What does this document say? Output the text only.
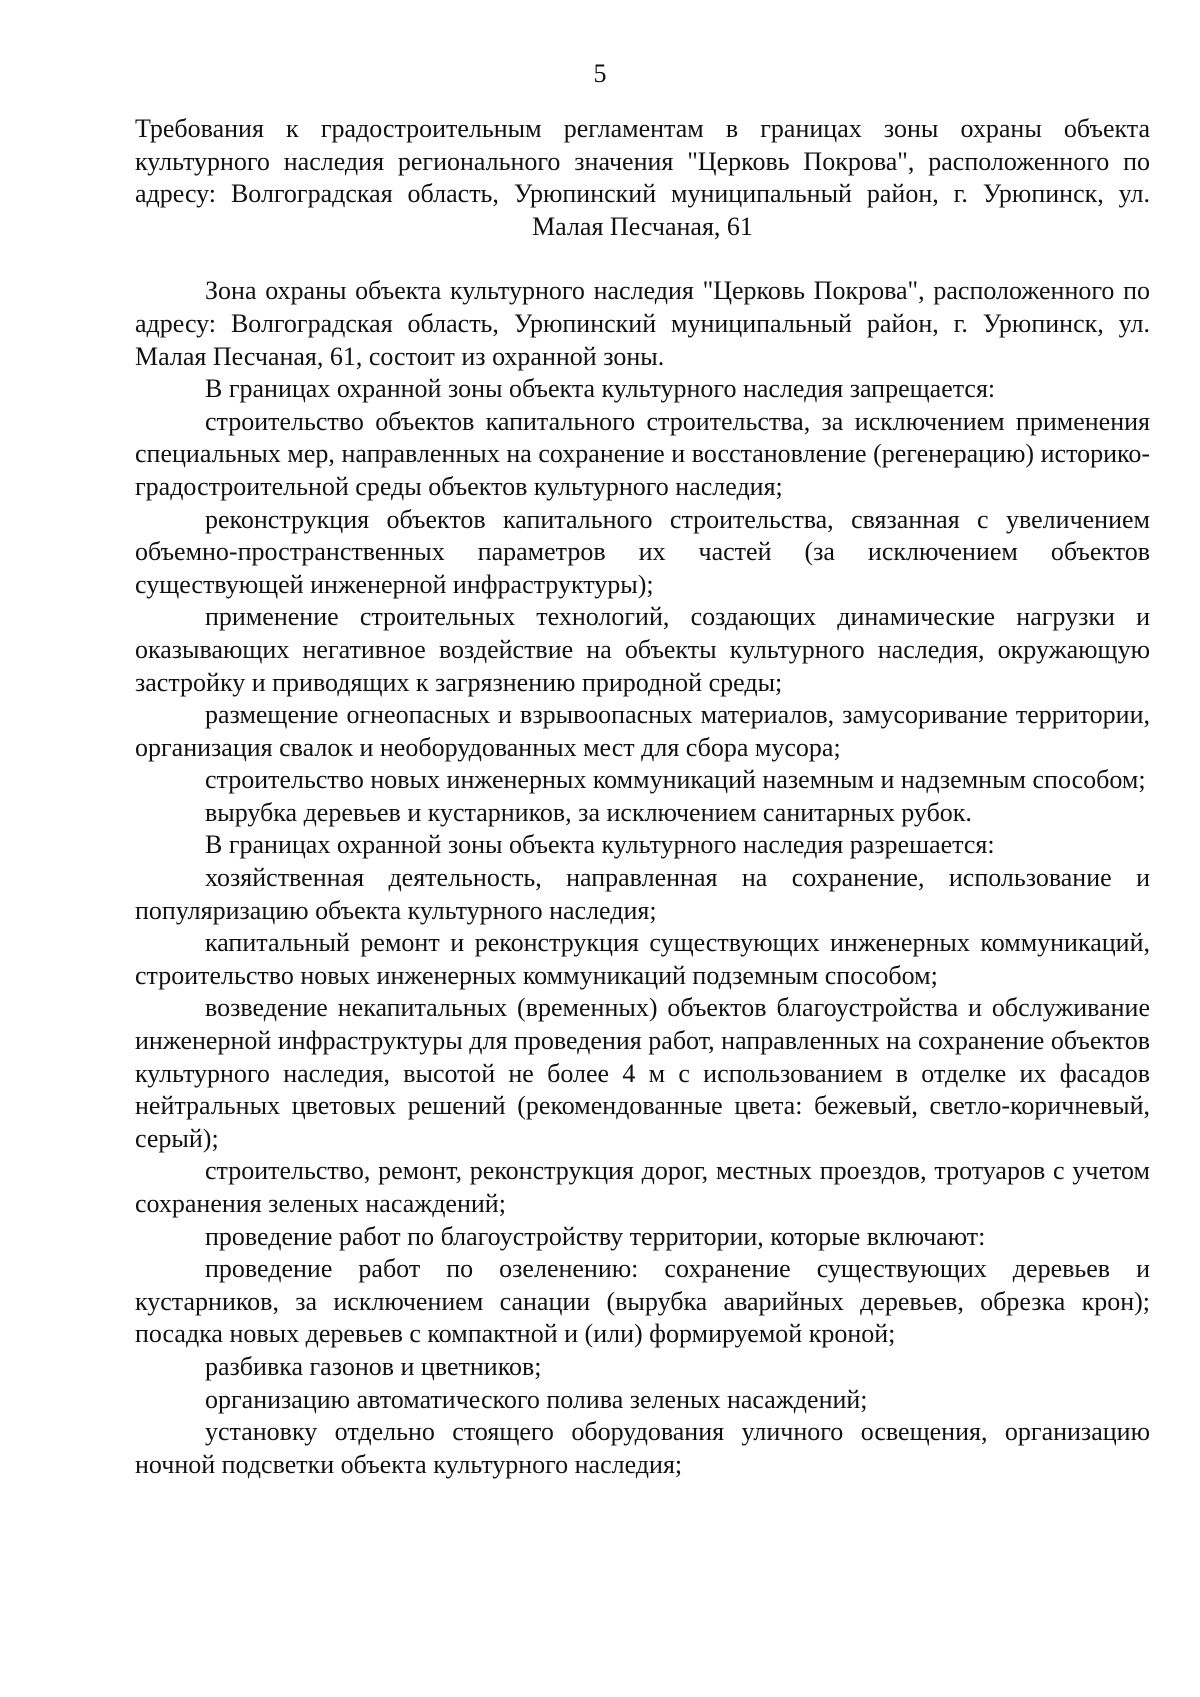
5

Требования к градостроительным регламентам в границах зоны охраны объекта культурного наследия регионального значения "Церковь Покрова", расположенного по адресу: Волгоградская область, Урюпинский муниципальный район, г. Урюпинск, ул. Малая Песчаная, 61

Зона охраны объекта культурного наследия "Церковь Покрова", расположенного по адресу: Волгоградская область, Урюпинский муниципальный район, г. Урюпинск, ул. Малая Песчаная, 61, состоит из охранной зоны.

В границах охранной зоны объекта культурного наследия запрещается:

строительство объектов капитального строительства, за исключением применения специальных мер, направленных на сохранение и восстановление (регенерацию) историко-градостроительной среды объектов культурного наследия;

реконструкция объектов капитального строительства, связанная с увеличением объемно-пространственных параметров их частей (за исключением объектов существующей инженерной инфраструктуры);

применение строительных технологий, создающих динамические нагрузки и оказывающих негативное воздействие на объекты культурного наследия, окружающую застройку и приводящих к загрязнению природной среды;

размещение огнеопасных и взрывоопасных материалов, замусоривание территории, организация свалок и необорудованных мест для сбора мусора;

строительство новых инженерных коммуникаций наземным и надземным способом;

вырубка деревьев и кустарников, за исключением санитарных рубок.

В границах охранной зоны объекта культурного наследия разрешается:

хозяйственная деятельность, направленная на сохранение, использование и популяризацию объекта культурного наследия;

капитальный ремонт и реконструкция существующих инженерных коммуникаций, строительство новых инженерных коммуникаций подземным способом;

возведение некапитальных (временных) объектов благоустройства и обслуживание инженерной инфраструктуры для проведения работ, направленных на сохранение объектов культурного наследия, высотой не более 4 м с использованием в отделке их фасадов нейтральных цветовых решений (рекомендованные цвета: бежевый, светло-коричневый, серый);

строительство, ремонт, реконструкция дорог, местных проездов, тротуаров с учетом сохранения зеленых насаждений;

проведение работ по благоустройству территории, которые включают:

проведение работ по озеленению: сохранение существующих деревьев и кустарников, за исключением санации (вырубка аварийных деревьев, обрезка крон); посадка новых деревьев с компактной и (или) формируемой кроной;

разбивка газонов и цветников;

организацию автоматического полива зеленых насаждений;

установку отдельно стоящего оборудования уличного освещения, организацию ночной подсветки объекта культурного наследия;
